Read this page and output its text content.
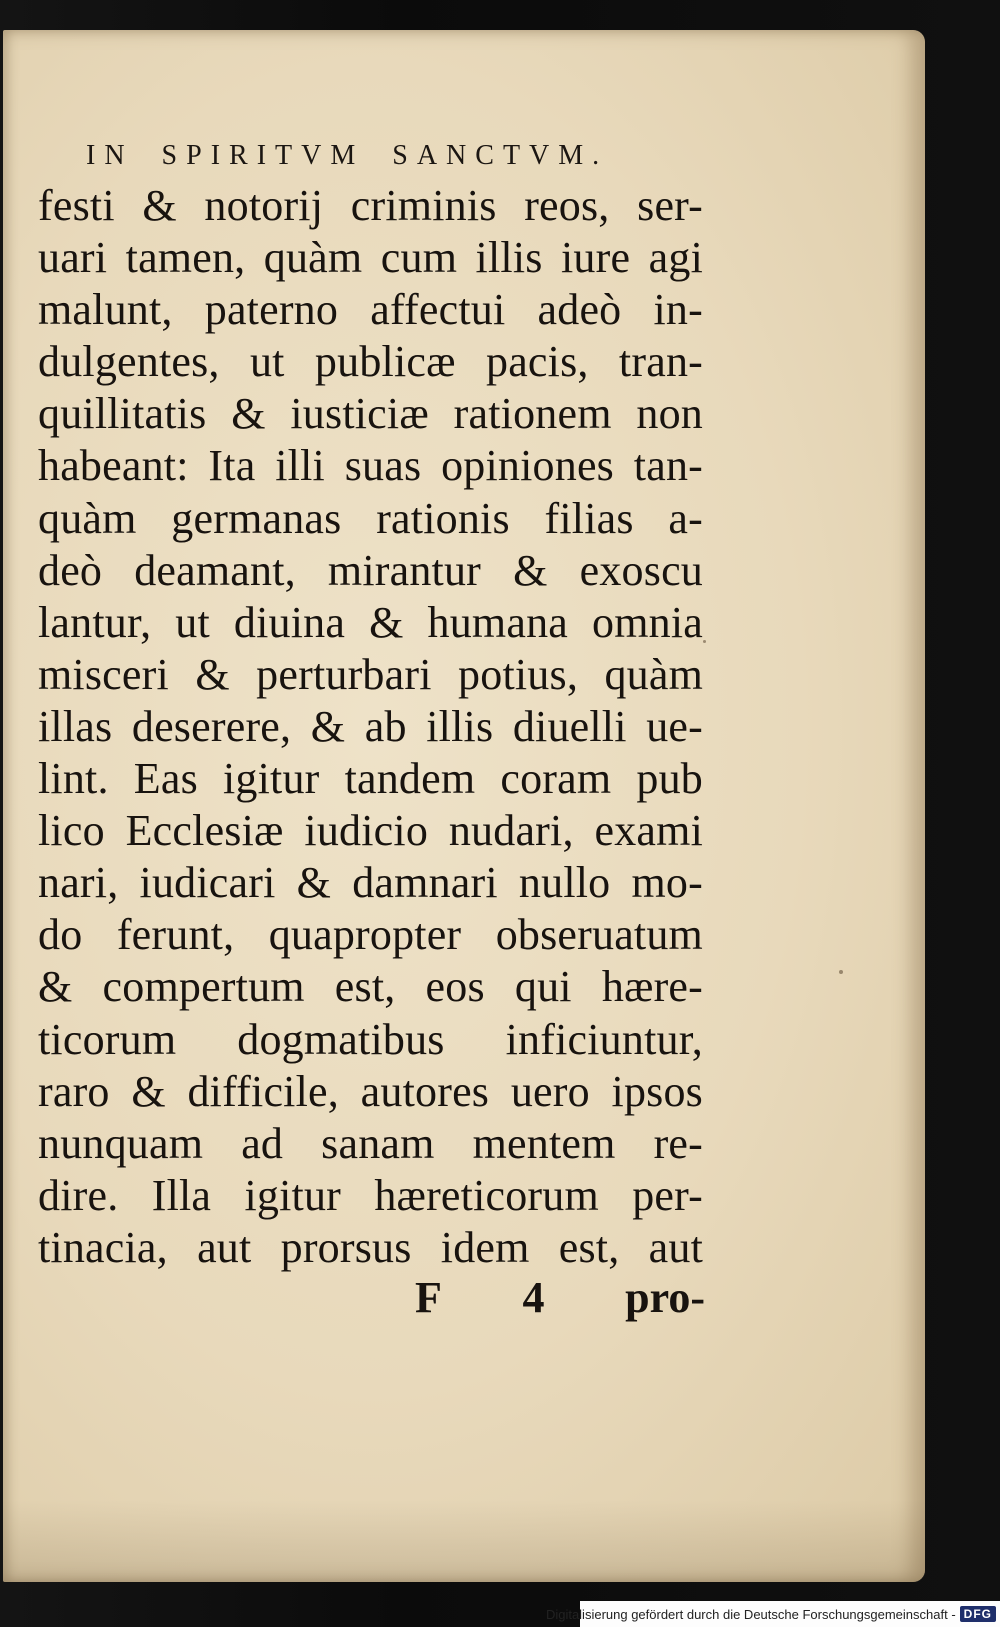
IN SPIRITVM SANCTVM.
festi & notorij criminis reos, ser-
uari tamen, quàm cum illis iure agi
malunt, paterno affectui adeò in-
dulgentes, ut publicæ pacis, tran-
quillitatis & iusticiæ rationem non
habeant: Ita illi suas opiniones tan-
quàm germanas rationis filias a-
deò deamant, mirantur & exoscu
lantur, ut diuina & humana omnia
misceri & perturbari potius, quàm
illas deserere, & ab illis diuelli ue-
lint. Eas igitur tandem coram pub
lico Ecclesiæ iudicio nudari, exami
nari, iudicari & damnari nullo mo-
do ferunt, quapropter obseruatum
& compertum est, eos qui hære-
ticorum dogmatibus inficiuntur,
raro & difficile, autores uero ipsos
nunquam ad sanam mentem re-
dire. Illa igitur hæreticorum per-
tinacia, aut prorsus idem est, aut
F 4 pro-
Digitalisierung gefördert durch die Deutsche Forschungsgemeinschaft - DFG
